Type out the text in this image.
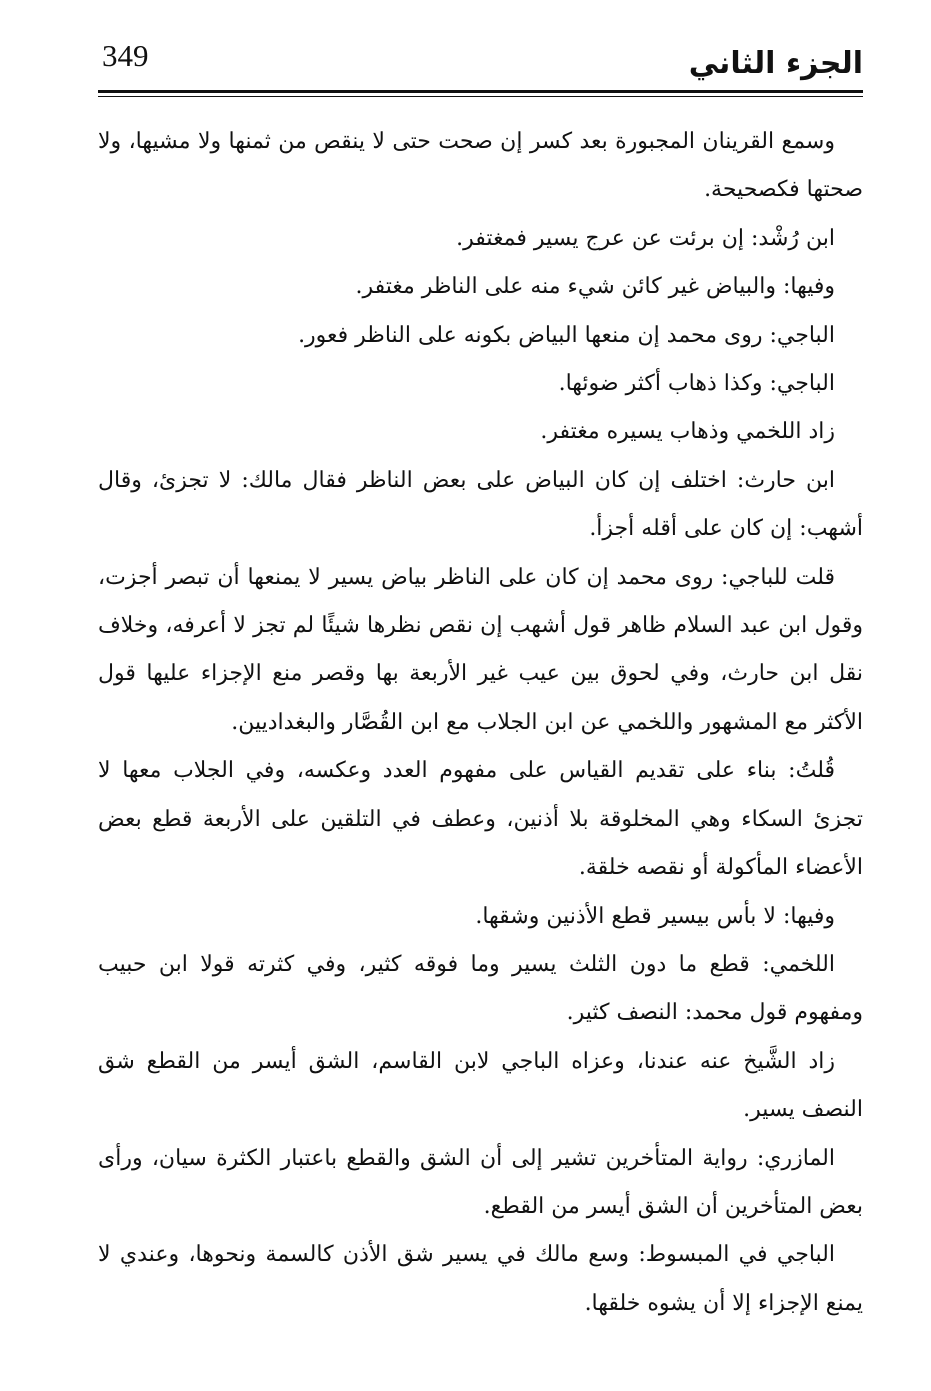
349	الجزء الثاني

وسمع القرينان المجبورة بعد كسر إن صحت حتى لا ينقص من ثمنها ولا مشيها، ولا صحتها فكصحيحة.

ابن رُشْد: إن برئت عن عرج يسير فمغتفر.

وفيها: والبياض غير كائن شيء منه على الناظر مغتفر.

الباجي: روى محمد إن منعها البياض بكونه على الناظر فعور.

الباجي: وكذا ذهاب أكثر ضوئها.

زاد اللخمي وذهاب يسيره مغتفر.

ابن حارث: اختلف إن كان البياض على بعض الناظر فقال مالك: لا تجزئ، وقال أشهب: إن كان على أقله أجزأ.

قلت للباجي: روى محمد إن كان على الناظر بياض يسير لا يمنعها أن تبصر أجزت، وقول ابن عبد السلام ظاهر قول أشهب إن نقص نظرها شيئًا لم تجز لا أعرفه، وخلاف نقل ابن حارث، وفي لحوق بين عيب غير الأربعة بها وقصر منع الإجزاء عليها قول الأكثر مع المشهور واللخمي عن ابن الجلاب مع ابن القُصَّار والبغداديين.

قُلتُ: بناء على تقديم القياس على مفهوم العدد وعكسه، وفي الجلاب معها لا تجزئ السكاء وهي المخلوقة بلا أذنين، وعطف في التلقين على الأربعة قطع بعض الأعضاء المأكولة أو نقصه خلقة.

وفيها: لا بأس بيسير قطع الأذنين وشقها.

اللخمي: قطع ما دون الثلث يسير وما فوقه كثير، وفي كثرته قولا ابن حبيب ومفهوم قول محمد: النصف كثير.

زاد الشَّيخ عنه عندنا، وعزاه الباجي لابن القاسم، الشق أيسر من القطع شق النصف يسير.

المازري: رواية المتأخرين تشير إلى أن الشق والقطع باعتبار الكثرة سيان، ورأى بعض المتأخرين أن الشق أيسر من القطع.

الباجي في المبسوط: وسع مالك في يسير شق الأذن كالسمة ونحوها، وعندي لا يمنع الإجزاء إلا أن يشوه خلقها.
